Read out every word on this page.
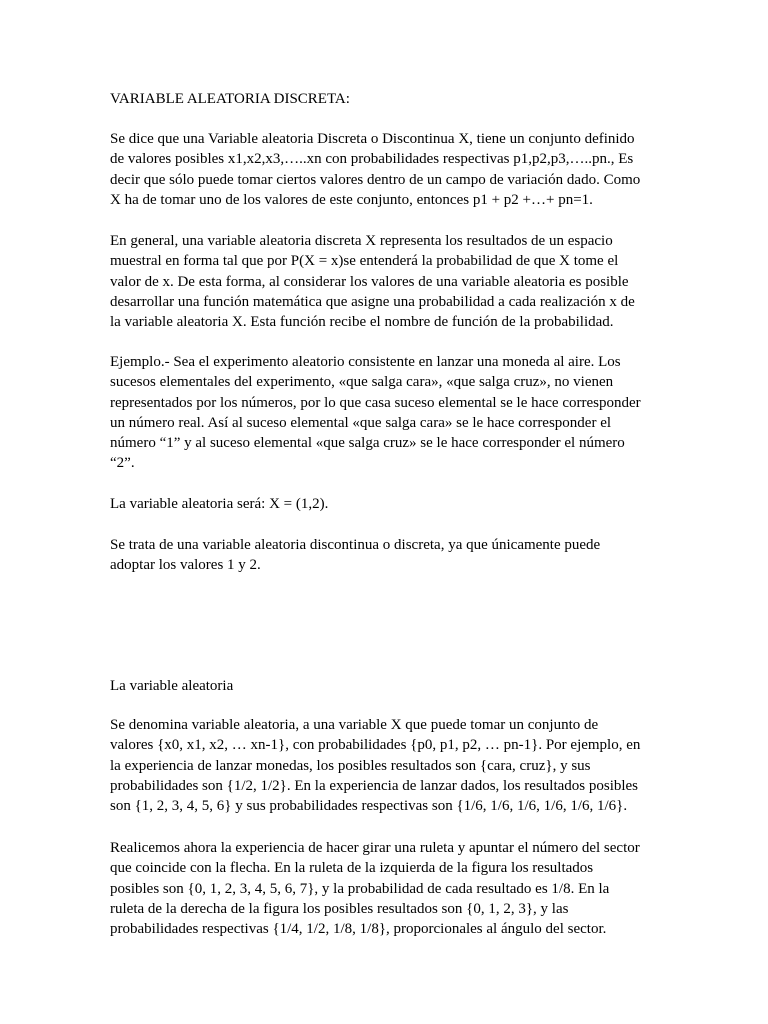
VARIABLE ALEATORIA DISCRETA:
Se dice que una Variable aleatoria Discreta o Discontinua X, tiene un conjunto definido
de valores posibles x1,x2,x3,…..xn con probabilidades respectivas p1,p2,p3,…..pn., Es
decir que sólo puede tomar ciertos valores dentro de un campo de variación dado. Como
X ha de tomar uno de los valores de este conjunto, entonces p1 + p2 +…+ pn=1.
En general, una variable aleatoria discreta X representa los resultados de un espacio
muestral en forma tal que por P(X = x)se entenderá la probabilidad de que X tome el
valor de x. De esta forma, al considerar los valores de una variable aleatoria es posible
desarrollar una función matemática que asigne una probabilidad a cada realización x de
la variable aleatoria X. Esta función recibe el nombre de función de la probabilidad.
Ejemplo.- Sea el experimento aleatorio consistente en lanzar una moneda al aire. Los
sucesos elementales del experimento, «que salga cara», «que salga cruz», no vienen
representados por los números, por lo que casa suceso elemental se le hace corresponder
un número real. Así al suceso elemental «que salga cara» se le hace corresponder el
número “1” y al suceso elemental «que salga cruz» se le hace corresponder el número
“2”.
La variable aleatoria será: X = (1,2).
Se trata de una variable aleatoria discontinua o discreta, ya que únicamente puede
adoptar los valores 1 y 2.
La variable aleatoria
Se denomina variable aleatoria, a una variable X que puede tomar un conjunto de
valores {x0, x1, x2, … xn-1}, con probabilidades {p0, p1, p2, … pn-1}. Por ejemplo, en
la experiencia de lanzar monedas, los posibles resultados son {cara, cruz}, y sus
probabilidades son {1/2, 1/2}. En la experiencia de lanzar dados, los resultados posibles
son {1, 2, 3, 4, 5, 6} y sus probabilidades respectivas son {1/6, 1/6, 1/6, 1/6, 1/6, 1/6}.
Realicemos ahora la experiencia de hacer girar una ruleta y apuntar el número del sector
que coincide con la flecha. En la ruleta de la izquierda de la figura los resultados
posibles son {0, 1, 2, 3, 4, 5, 6, 7}, y la probabilidad de cada resultado es 1/8. En la
ruleta de la derecha de la figura los posibles resultados son {0, 1, 2, 3}, y las
probabilidades respectivas {1/4, 1/2, 1/8, 1/8}, proporcionales al ángulo del sector.
